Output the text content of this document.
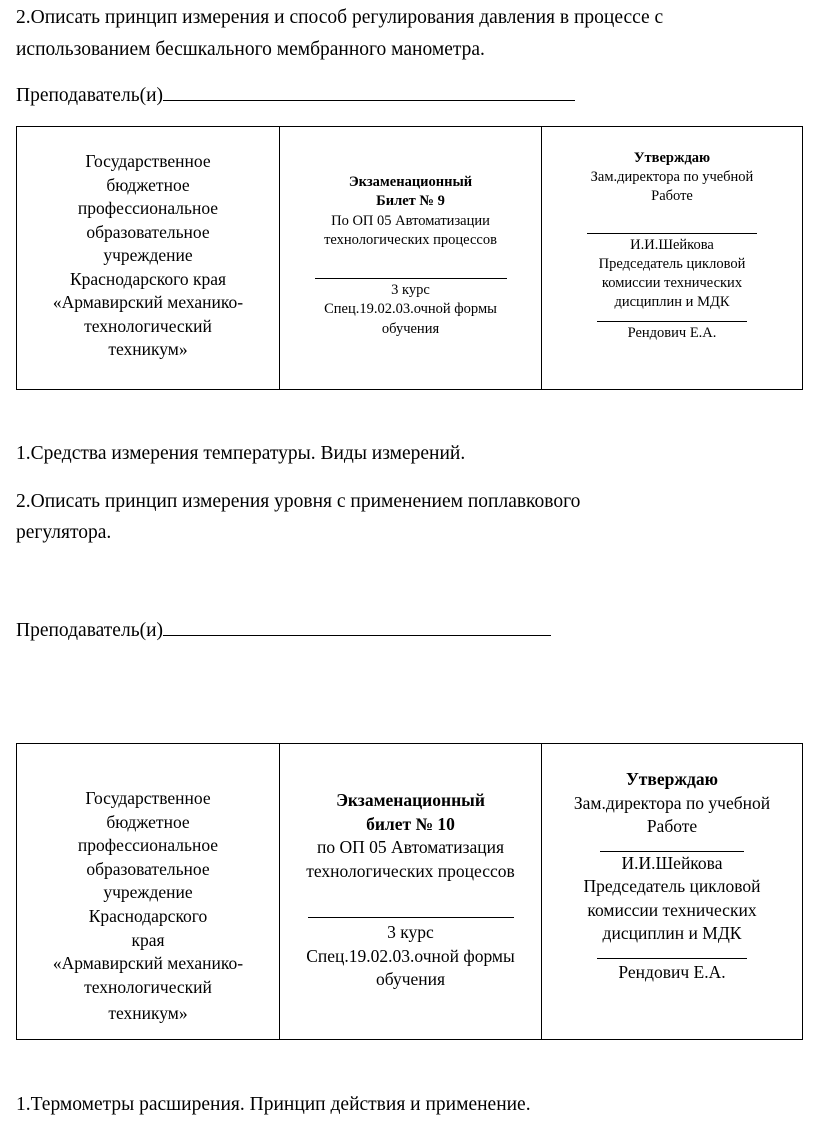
2.Описать принцип измерения и способ регулирования давления в процессе с
использованием бесшкального мембранного манометра.
Преподаватель(и)

Государственное

бюджетное

профессиональное

образовательное

учреждение

Краснодарского края

«Армавирский механико-

технологический

техникум»

Экзаменационный

Билет № 9

По ОП 05 Автоматизации

технологических процессов

3 курс

Спец.19.02.03.очной формы

обучения

Утверждаю

Зам.директора по учебной

Работе

И.И.Шейкова

Председатель цикловой

комиссии технических

дисциплин и МДК

Рендович Е.А.

1.Средства измерения температуры. Виды измерений.
2.Описать принцип измерения уровня с применением поплавкового
регулятора.
Преподаватель(и)

Государственное

бюджетное

профессиональное

образовательное

учреждение

Краснодарского

края

«Армавирский механико-

технологический

техникум»

Экзаменационный

билет № 10

по ОП 05 Автоматизация

технологических процессов

3 курс

Спец.19.02.03.очной формы

обучения

Утверждаю

Зам.директора по учебной

Работе

И.И.Шейкова

Председатель цикловой

комиссии технических

дисциплин и МДК

Рендович Е.А.

1.Термометры расширения. Принцип действия и применение.
